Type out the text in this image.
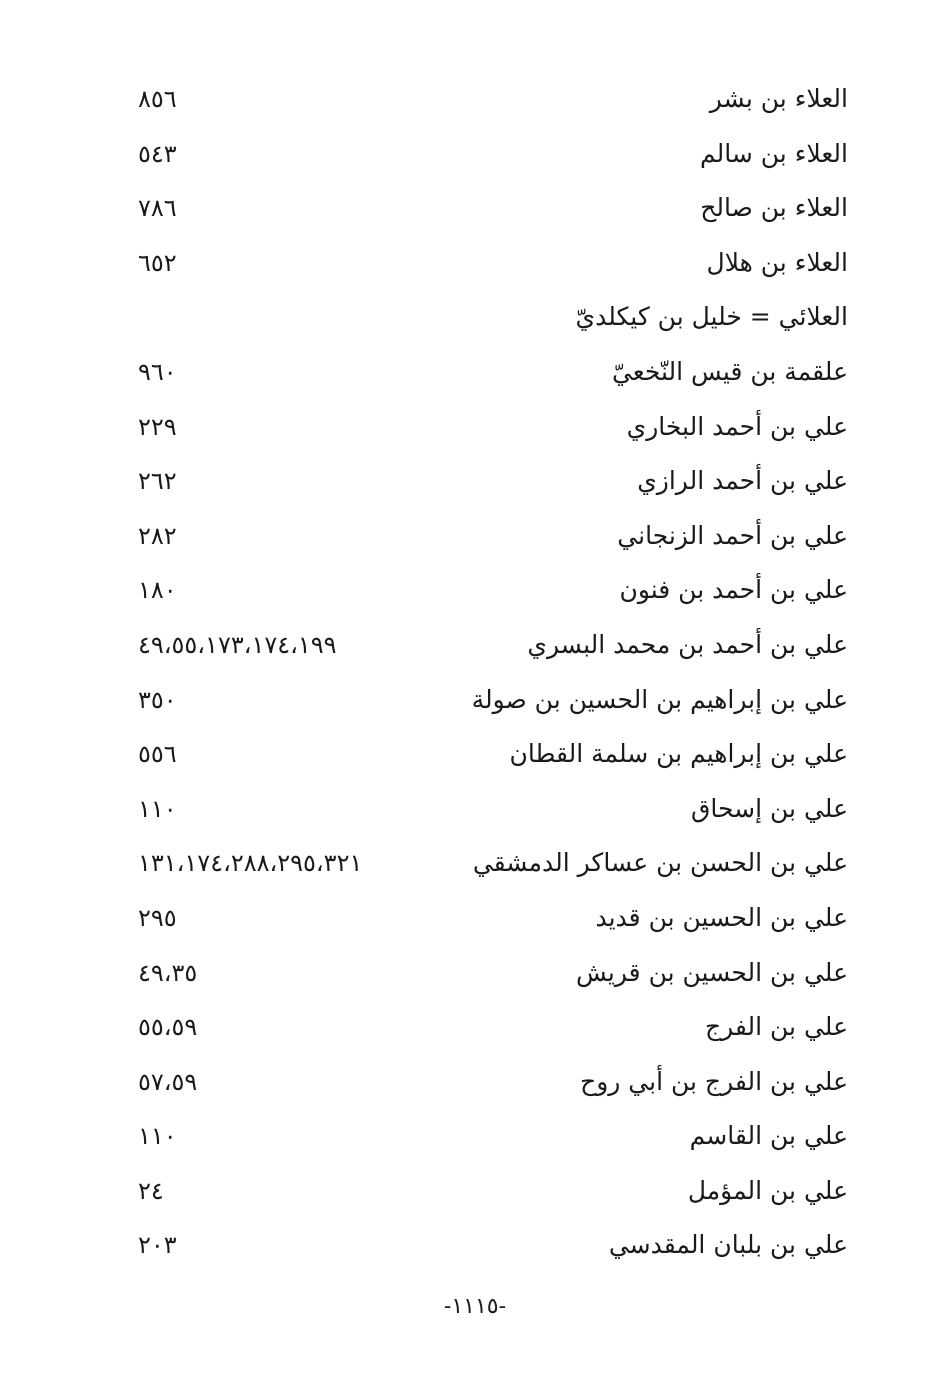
العلاء بن بشر
٨٥٦
العلاء بن سالم
٥٤٣
العلاء بن صالح
٧٨٦
العلاء بن هلال
٦٥٢
العلائي = خليل بن كيكلديّ
علقمة بن قيس النّخعيّ
٩٦٠
علي بن أحمد البخاري
٢٢٩
علي بن أحمد الرازي
٢٦٢
علي بن أحمد الزنجاني
٢٨٢
علي بن أحمد بن فنون
١٨٠
علي بن أحمد بن محمد البسري
٤٩،٥٥،١٧٣،١٧٤،١٩٩
علي بن إبراهيم بن الحسين بن صولة
٣٥٠
علي بن إبراهيم بن سلمة القطان
٥٥٦
علي بن إسحاق
١١٠
علي بن الحسن بن عساكر الدمشقي
١٣١،١٧٤،٢٨٨،٢٩٥،٣٢١
علي بن الحسين بن قديد
٢٩٥
علي بن الحسين بن قريش
٤٩،٣٥
علي بن الفرج
٥٥،٥٩
علي بن الفرج بن أبي روح
٥٧،٥٩
علي بن القاسم
١١٠
علي بن المؤمل
٢٤
علي بن بلبان المقدسي
٢٠٣
-١١١٥-
